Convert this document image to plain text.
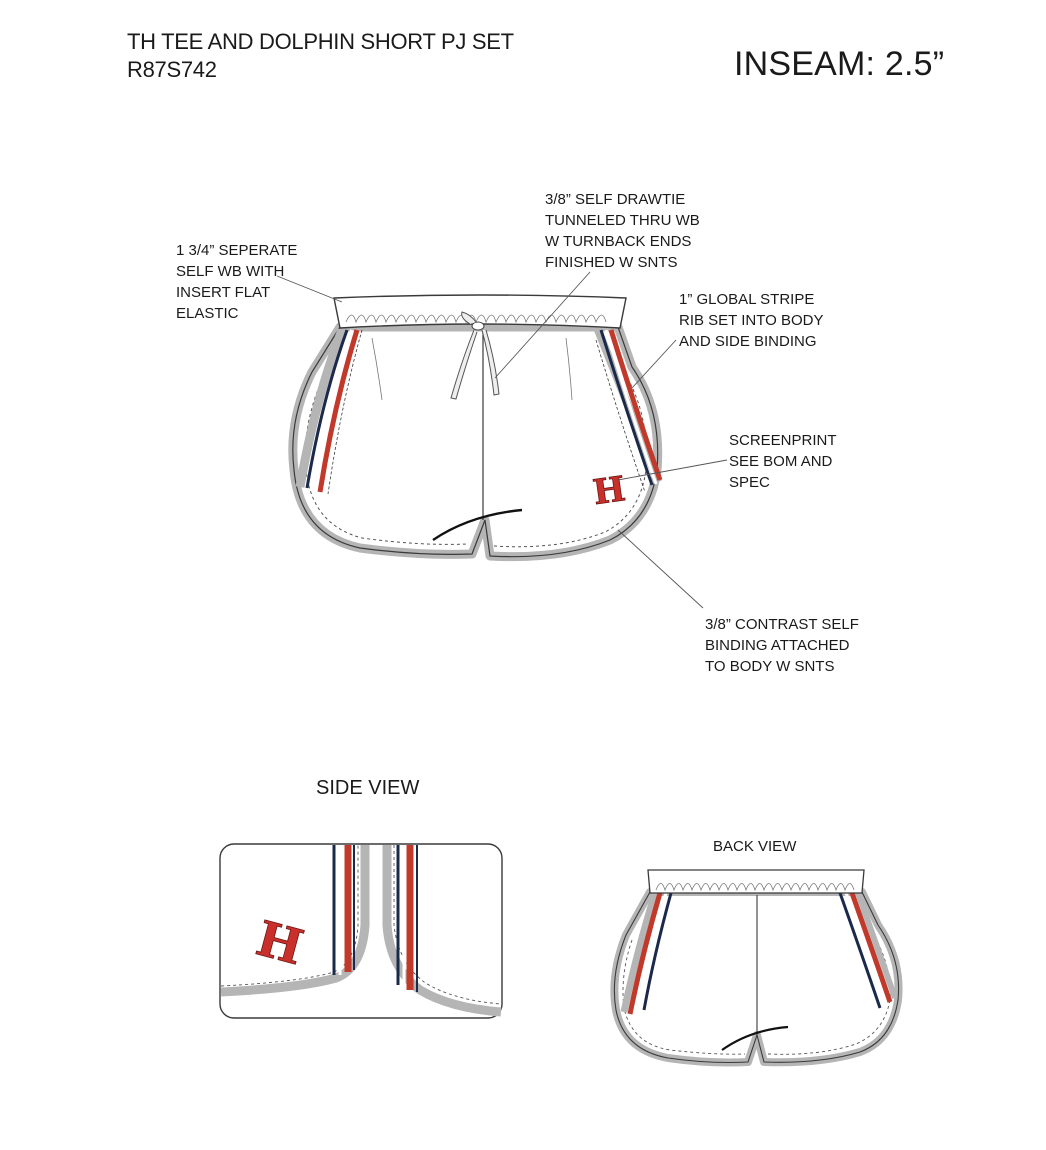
TH TEE AND DOLPHIN SHORT PJ SET
R87S742	INSEAM: 2.5”
1 3/4” SEPERATE
SELF WB WITH
INSERT FLAT
ELASTIC
3/8” SELF DRAWTIE
TUNNELED THRU WB
W TURNBACK ENDS
FINISHED W SNTS
1” GLOBAL STRIPE
RIB SET INTO BODY
AND SIDE BINDING
SCREENPRINT
SEE BOM AND
SPEC
3/8” CONTRAST SELF
BINDING ATTACHED
TO BODY W SNTS
SIDE VIEW
BACK VIEW
H
H
